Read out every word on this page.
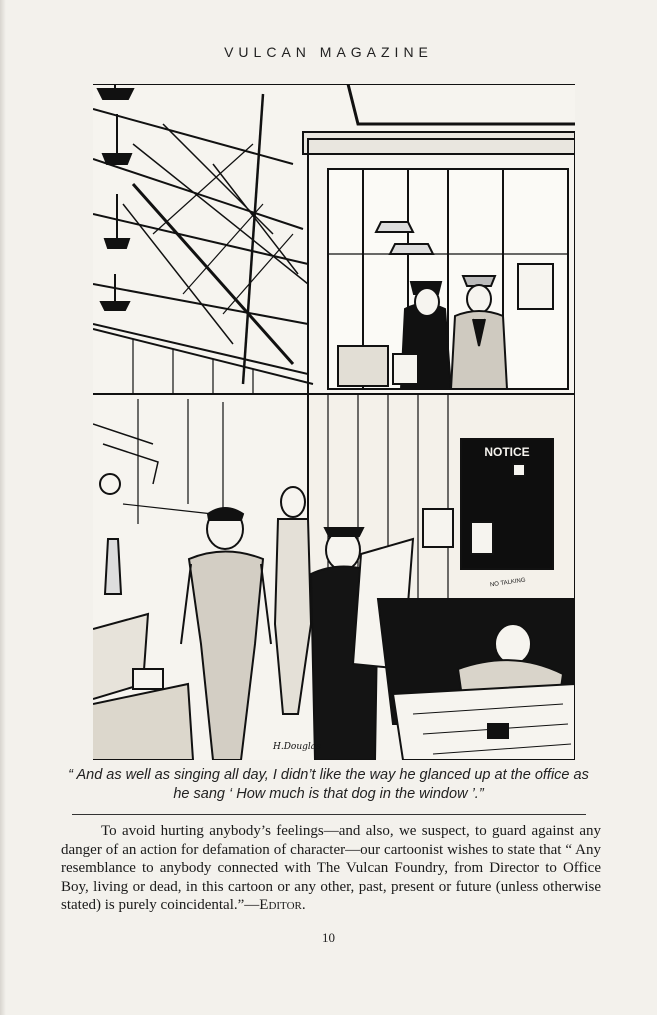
VULCAN MAGAZINE
NOTICE
NO TALKING
H.Douglas
“ And as well as singing all day, I didn’t like the way he glanced up at the office as he sang ‘ How much is that dog in the window ’.”
To avoid hurting anybody’s feelings—and also, we suspect, to guard against any danger of an action for defamation of character—our cartoonist wishes to state that “ Any resemblance to anybody connected with The Vulcan Foundry, from Director to Office Boy, living or dead, in this cartoon or any other, past, present or future (unless otherwise stated) is purely coincidental.”—Editor.
10
